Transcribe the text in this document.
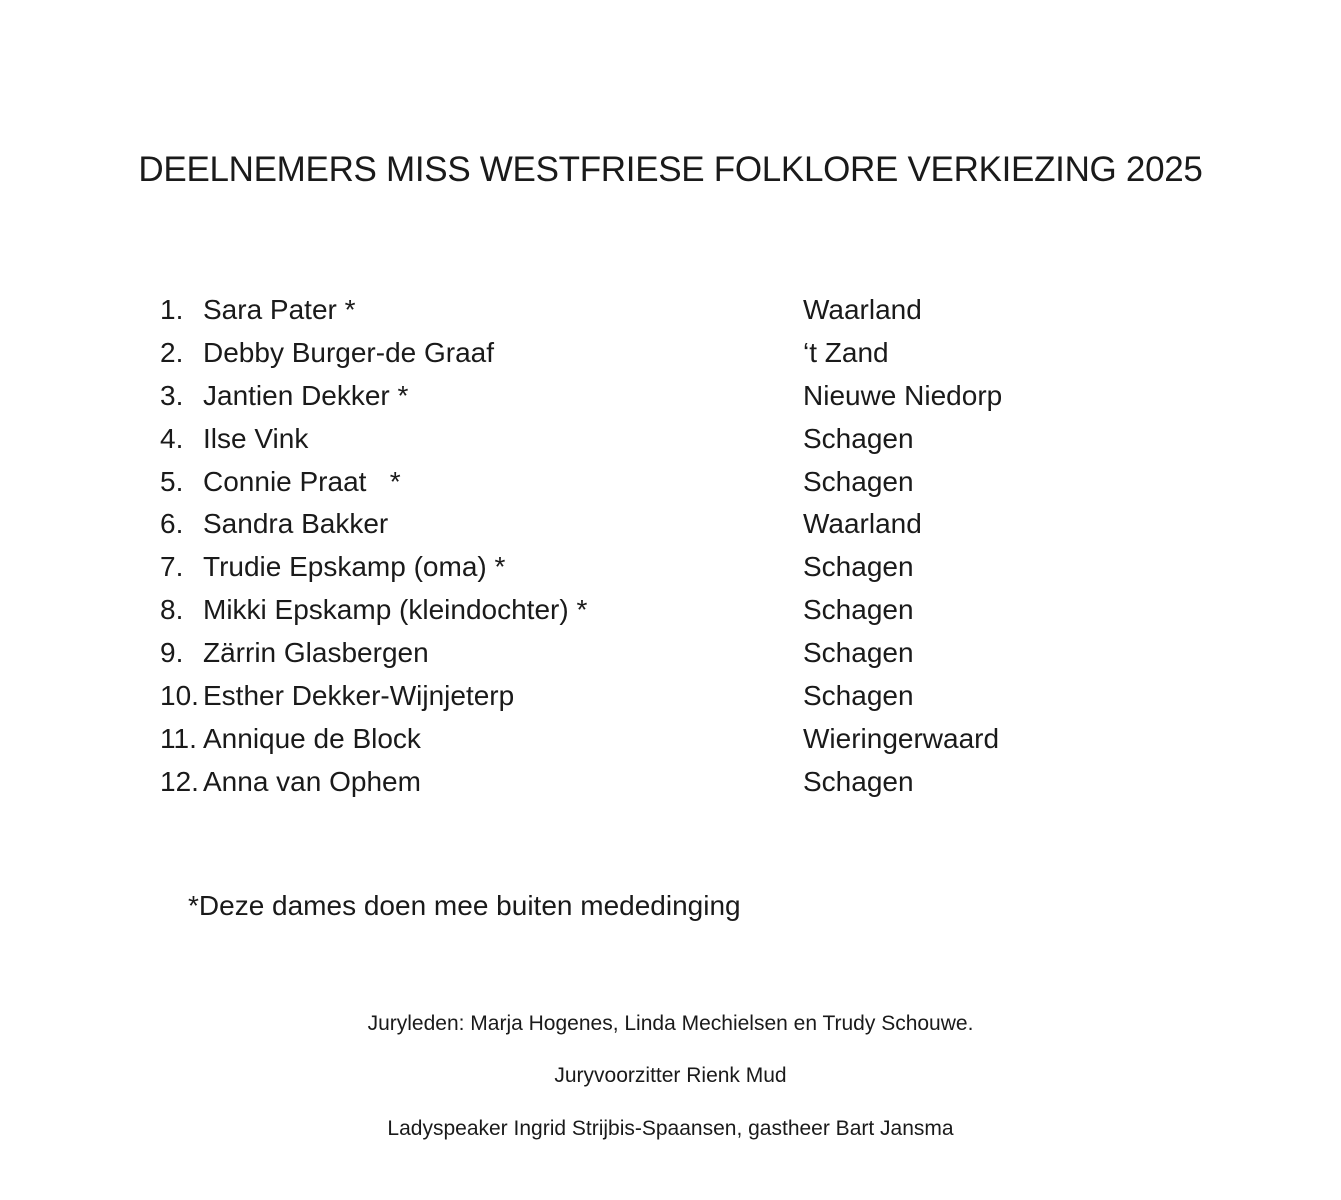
DEELNEMERS MISS WESTFRIESE FOLKLORE VERKIEZING 2025
1. Sara Pater *	Waarland
2. Debby Burger-de Graaf	‘t Zand
3. Jantien Dekker *	Nieuwe Niedorp
4. Ilse Vink	Schagen
5. Connie Praat   *	Schagen
6. Sandra Bakker	Waarland
7. Trudie Epskamp (oma) *	Schagen
8. Mikki Epskamp (kleindochter) *	Schagen
9. Zärrin Glasbergen	Schagen
10. Esther Dekker-Wijnjeterp	Schagen
11. Annique de Block	Wieringerwaard
12. Anna van Ophem	Schagen
*Deze dames doen mee buiten mededinging
Juryleden: Marja Hogenes, Linda Mechielsen en Trudy Schouwe.
Juryvoorzitter Rienk Mud
Ladyspeaker Ingrid Strijbis-Spaansen, gastheer Bart Jansma
